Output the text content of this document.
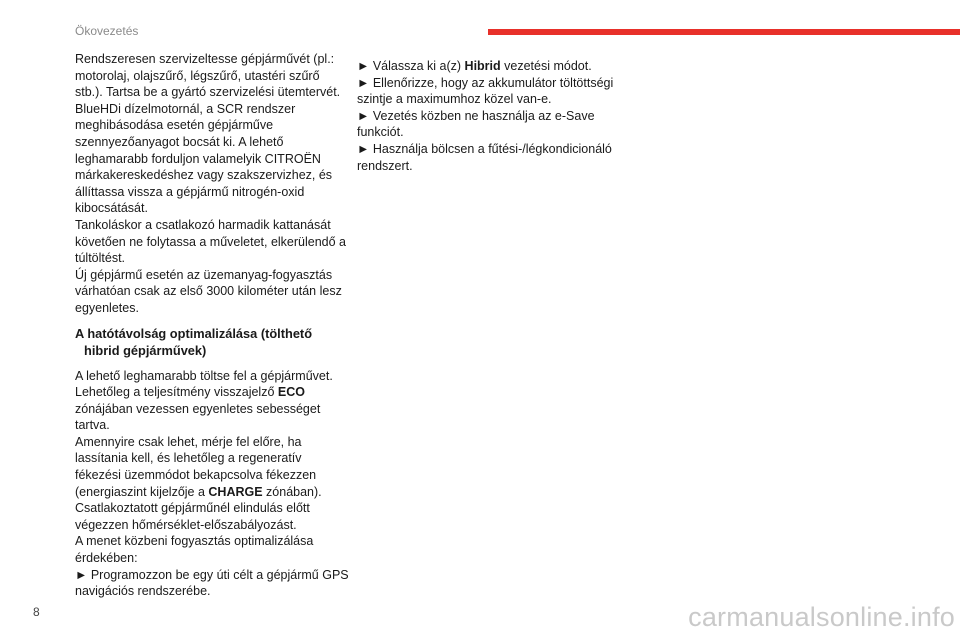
Ökovezetés

Rendszeresen szervizeltesse gépjárművét (pl.: motorolaj, olajszűrő, légszűrő, utastéri szűrő stb.). Tartsa be a gyártó szervizelési ütemtervét.

BlueHDi dízelmotornál, a SCR rendszer meghibásodása esetén gépjárműve szennyezőanyagot bocsát ki. A lehető leghamarabb forduljon valamelyik CITROËN márkakereskedéshez vagy szakszervizhez, és állíttassa vissza a gépjármű nitrogén-oxid kibocsátását.

Tankoláskor a csatlakozó harmadik kattanását követően ne folytassa a műveletet, elkerülendő a túltöltést.

Új gépjármű esetén az üzemanyag-fogyasztás várhatóan csak az első 3000 kilométer után lesz egyenletes.

A hatótávolság optimalizálása (tölthető
hibrid gépjárművek)

A lehető leghamarabb töltse fel a gépjárművet.

Lehetőleg a teljesítmény visszajelző ECO zónájában vezessen egyenletes sebességet tartva.

Amennyire csak lehet, mérje fel előre, ha lassítania kell, és lehetőleg a regeneratív fékezési üzemmódot bekapcsolva fékezzen (energiaszint kijelzője a CHARGE zónában).

Csatlakoztatott gépjárműnél elindulás előtt végezzen hőmérséklet-előszabályozást.

A menet közbeni fogyasztás optimalizálása érdekében:

► Programozzon be egy úti célt a gépjármű GPS navigációs rendszerébe.

► Válassza ki a(z) Hibrid vezetési módot.

► Ellenőrizze, hogy az akkumulátor töltöttségi szintje a maximumhoz közel van-e.

► Vezetés közben ne használja az e-Save funkciót.

► Használja bölcsen a fűtési-/légkondicionáló rendszert.

8	carmanualsonline.info
